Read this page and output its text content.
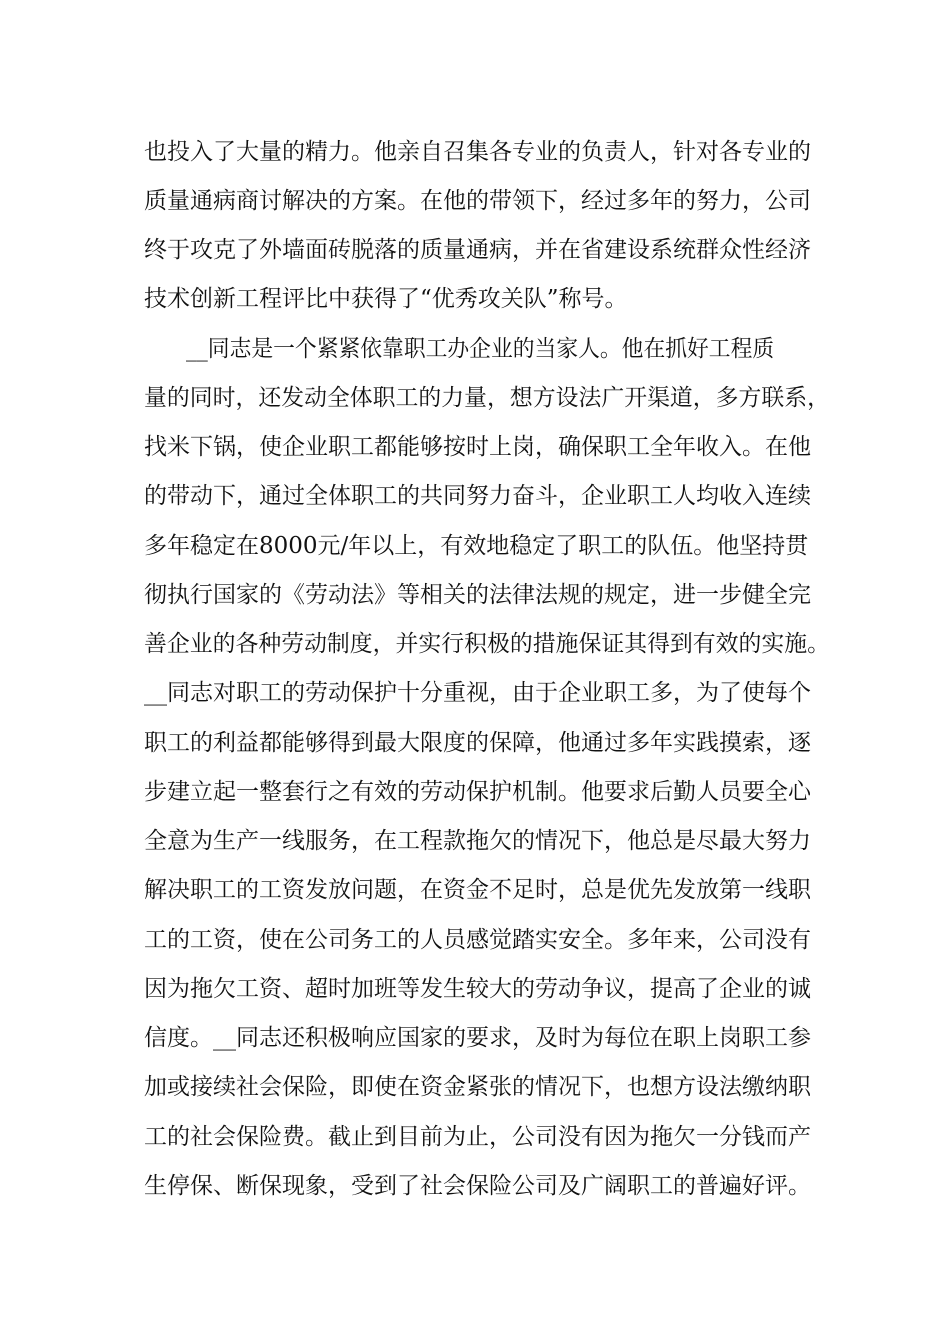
也投入了大量的精力。他亲自召集各专业的负责人，针对各专业的
质量通病商讨解决的方案。在他的带领下，经过多年的努力，公司
终于攻克了外墙面砖脱落的质量通病，并在省建设系统群众性经济
技术创新工程评比中获得了“优秀攻关队”称号。
__同志是一个紧紧依靠职工办企业的当家人。他在抓好工程质
量的同时，还发动全体职工的力量，想方设法广开渠道，多方联系，
找米下锅，使企业职工都能够按时上岗，确保职工全年收入。在他
的带动下，通过全体职工的共同努力奋斗，企业职工人均收入连续
多年稳定在8000元/年以上，有效地稳定了职工的队伍。他坚持贯
彻执行国家的《劳动法》等相关的法律法规的规定，进一步健全完
善企业的各种劳动制度，并实行积极的措施保证其得到有效的实施。
__同志对职工的劳动保护十分重视，由于企业职工多，为了使每个
职工的利益都能够得到最大限度的保障，他通过多年实践摸索，逐
步建立起一整套行之有效的劳动保护机制。他要求后勤人员要全心
全意为生产一线服务，在工程款拖欠的情况下，他总是尽最大努力
解决职工的工资发放问题，在资金不足时，总是优先发放第一线职
工的工资，使在公司务工的人员感觉踏实安全。多年来，公司没有
因为拖欠工资、超时加班等发生较大的劳动争议，提高了企业的诚
信度。__同志还积极响应国家的要求，及时为每位在职上岗职工参
加或接续社会保险，即使在资金紧张的情况下，也想方设法缴纳职
工的社会保险费。截止到目前为止，公司没有因为拖欠一分钱而产
生停保、断保现象，受到了社会保险公司及广阔职工的普遍好评。
